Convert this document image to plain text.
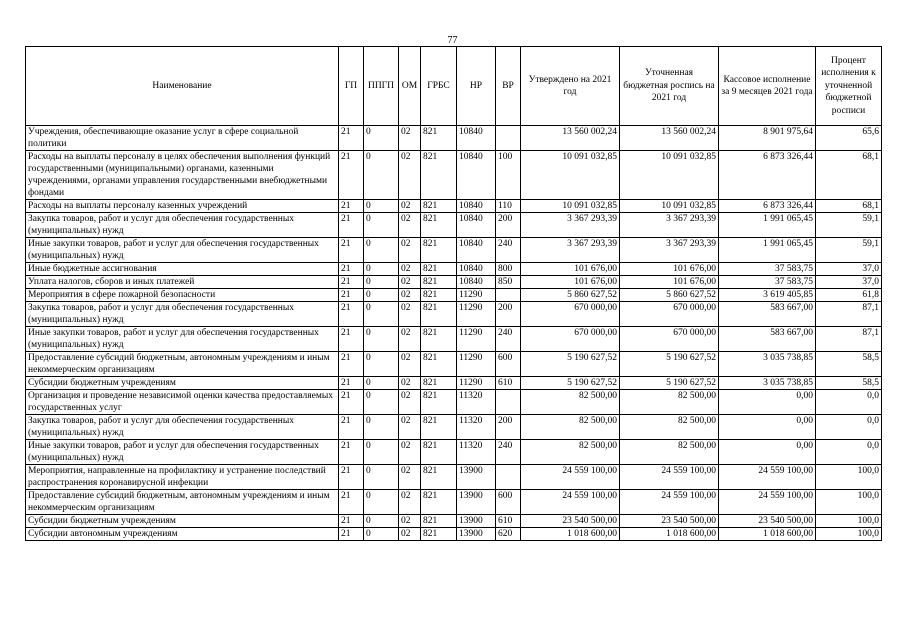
77
Наименование	ГП	ППГП	ОМ	ГРБС	НР	ВР	Утверждено на 2021 год	Уточненная бюджетная роспись на 2021 год	Кассовое исполнение за 9 месяцев 2021 года	Процент исполнения к уточненной бюджетной росписи
Учреждения, обеспечивающие оказание услуг в сфере социальной политики	21	0	02	821	10840		13 560 002,24	13 560 002,24	8 901 975,64	65,6
Расходы на выплаты персоналу в целях обеспечения выполнения функций государственными (муниципальными) органами, казенными учреждениями, органами управления государственными внебюджетными фондами	21	0	02	821	10840	100	10 091 032,85	10 091 032,85	6 873 326,44	68,1
Расходы на выплаты персоналу казенных учреждений	21	0	02	821	10840	110	10 091 032,85	10 091 032,85	6 873 326,44	68,1
Закупка товаров, работ и услуг для обеспечения государственных (муниципальных) нужд	21	0	02	821	10840	200	3 367 293,39	3 367 293,39	1 991 065,45	59,1
Иные закупки товаров, работ и услуг для обеспечения государственных (муниципальных) нужд	21	0	02	821	10840	240	3 367 293,39	3 367 293,39	1 991 065,45	59,1
Иные бюджетные ассигнования	21	0	02	821	10840	800	101 676,00	101 676,00	37 583,75	37,0
Уплата налогов, сборов и иных платежей	21	0	02	821	10840	850	101 676,00	101 676,00	37 583,75	37,0
Мероприятия в сфере пожарной безопасности	21	0	02	821	11290		5 860 627,52	5 860 627,52	3 619 405,85	61,8
Закупка товаров, работ и услуг для обеспечения государственных (муниципальных) нужд	21	0	02	821	11290	200	670 000,00	670 000,00	583 667,00	87,1
Иные закупки товаров, работ и услуг для обеспечения государственных (муниципальных) нужд	21	0	02	821	11290	240	670 000,00	670 000,00	583 667,00	87,1
Предоставление субсидий бюджетным, автономным учреждениям и иным некоммерческим организациям	21	0	02	821	11290	600	5 190 627,52	5 190 627,52	3 035 738,85	58,5
Субсидии бюджетным учреждениям	21	0	02	821	11290	610	5 190 627,52	5 190 627,52	3 035 738,85	58,5
Организация и проведение независимой оценки качества предоставляемых государственных услуг	21	0	02	821	11320		82 500,00	82 500,00	0,00	0,0
Закупка товаров, работ и услуг для обеспечения государственных (муниципальных) нужд	21	0	02	821	11320	200	82 500,00	82 500,00	0,00	0,0
Иные закупки товаров, работ и услуг для обеспечения государственных (муниципальных) нужд	21	0	02	821	11320	240	82 500,00	82 500,00	0,00	0,0
Мероприятия, направленные на профилактику и устранение последствий распространения коронавирусной инфекции	21	0	02	821	13900		24 559 100,00	24 559 100,00	24 559 100,00	100,0
Предоставление субсидий бюджетным, автономным учреждениям и иным некоммерческим организациям	21	0	02	821	13900	600	24 559 100,00	24 559 100,00	24 559 100,00	100,0
Субсидии бюджетным учреждениям	21	0	02	821	13900	610	23 540 500,00	23 540 500,00	23 540 500,00	100,0
Субсидии автономным учреждениям	21	0	02	821	13900	620	1 018 600,00	1 018 600,00	1 018 600,00	100,0
